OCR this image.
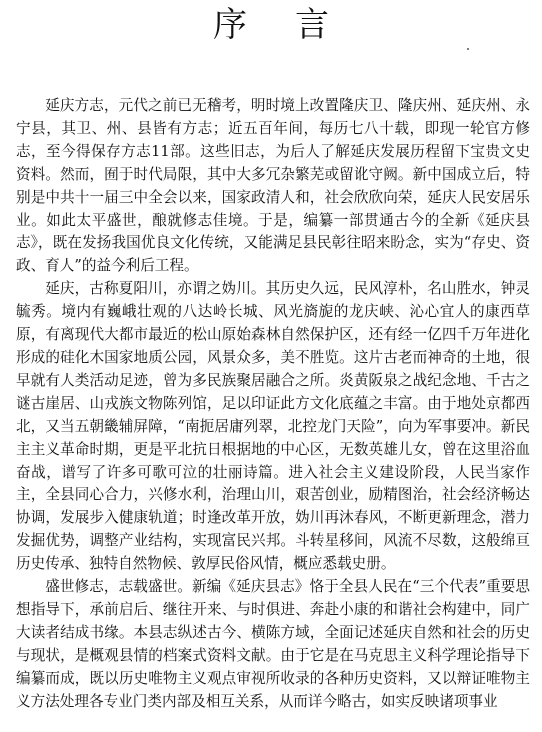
序言

延庆方志，元代之前已无稽考，明时境上改置隆庆卫、隆庆州、延庆州、永宁县，其卫、州、县皆有方志；近五百年间，每历七八十载，即现一轮官方修志，至今得保存方志11部。这些旧志，为后人了解延庆发展历程留下宝贵文史资料。然而，囿于时代局限，其中大多冗杂繁芜或留讹守阙。新中国成立后，特别是中共十一届三中全会以来，国家政清人和，社会欣欣向荣，延庆人民安居乐业。如此太平盛世，酿就修志佳境。于是，编纂一部贯通古今的全新《延庆县志》，既在发扬我国优良文化传统，又能满足县民彰往昭来盼念，实为“存史、资政、育人”的益今利后工程。

延庆，古称夏阳川，亦谓之妫川。其历史久远，民风淳朴，名山胜水，钟灵毓秀。境内有巍峨壮观的八达岭长城、风光旖旎的龙庆峡、沁心宜人的康西草原，有离现代大都市最近的松山原始森林自然保护区，还有经一亿四千万年进化形成的硅化木国家地质公园，风景众多，美不胜览。这片古老而神奇的土地，很早就有人类活动足迹，曾为多民族聚居融合之所。炎黄阪泉之战纪念地、千古之谜古崖居、山戎族文物陈列馆，足以印证此方文化底蕴之丰富。由于地处京都西北，又当五朝畿辅屏障，“南扼居庸列翠，北控龙门天险”，向为军事要冲。新民主主义革命时期，更是平北抗日根据地的中心区，无数英雄儿女，曾在这里浴血奋战，谱写了许多可歌可泣的壮丽诗篇。进入社会主义建设阶段，人民当家作主，全县同心合力，兴修水利，治理山川，艰苦创业，励精图治，社会经济畅达协调，发展步入健康轨道；时逢改革开放，妫川再沐春风，不断更新理念，潜力发掘优势，调整产业结构，实现富民兴邦。斗转星移间，风流不尽数，这般绵亘历史传承、独特自然物候、敦厚民俗风情，概应悉载史册。

盛世修志，志载盛世。新编《延庆县志》恪于全县人民在“三个代表”重要思想指导下，承前启后、继往开来、与时俱进、奔赴小康的和谐社会构建中，同广大读者结成书缘。本县志纵述古今、横陈方域，全面记述延庆自然和社会的历史与现状，是概观县情的档案式资料文献。由于它是在马克思主义科学理论指导下编纂而成，既以历史唯物主义观点审视所收录的各种历史资料，又以辩证唯物主义方法处理各专业门类内部及相互关系，从而详今略古，如实反映诸项事业
